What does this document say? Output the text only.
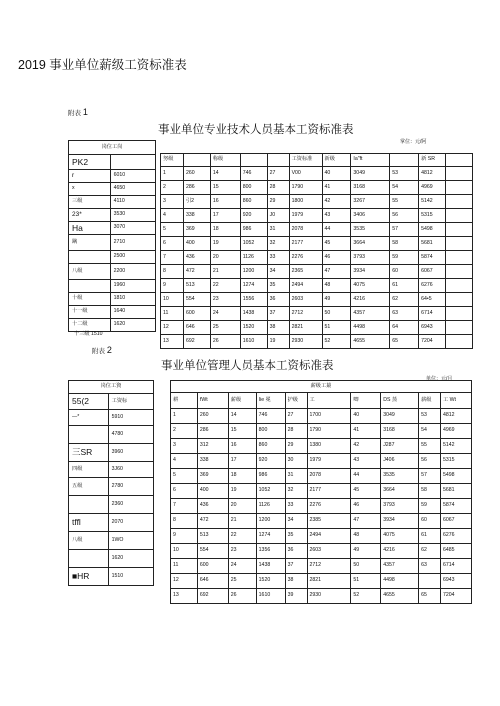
2019 事业单位薪级工资标准表
附表 1
事业单位专业技术人员基本工资标准表
掌位：元/阿
岗位工岗	
PK2	
r	6010
x	4650
三级	4110
23*	3530
Ha	3070
蹒	2710
	2500
八级	2200
	1960
十级	1810
十一级	1640
十二级	1620
十三级 1510
努级		称级			工资标准	新级	Ia"ft		新 SR	
1	260	14	746	27	V00	40	3049	53	4812	
2	286	15	800	28	1790	41	3168	54	4969	
3	引2	16	860	29	1800	42	3267	55	5142	
4	338	17	920	J0	1979	43	3406	56	5315	
5	369	18	986	31	2078	44	3535	57	5498	
6	400	19	1052	32	2177	45	3664	58	5681	
7	436	20	1126	33	2276	46	3793	59	5874	
8	472	21	1200	34	2365	47	3934	60	6067	
9	513	22	1274	35	2494	48	4075	61	6276	
10	554	23	1556	36	2603	49	4216	62	64•5	
11	600	24	1438	37	2712	50	4357	63	6714	
12	646	25	1520	38	2821	51	4498	64	6943	
13	692	26	1610	19	2930	52	4655	65	7204	
附表 2
事业单位管理人员基本工资标准表
单位：元/月
岗位工資	
55(2	工资标
—*	5910
	4780
三SR	3960
四级	3J60
五级	2780
	2360
tffl	2070
八级	1WO
	1620
■HR	1510
薪级工蕞									
耕	fWt	薪级	Iie 冕	护级	工	唧	DS 蒸	薪级	工 Wt
1	260	14	746	27	1700	40	3049	53	4812
2	286	15	800	28	1790	41	3168	54	4969
3	312	16	860	29	1380	42	J287	55	5142
4	338	17	920	30	1979	43	J406	56	5315
5	369	18	986	31	2078	44	3535	57	5498
6	400	19	1052	32	2177	45	3664	58	5681
7	436	20	1126	33	2276	46	3793	59	5874
8	472	21	1200	34	2385	47	3934	60	6067
9	513	22	1274	35	2494	48	4075	61	6276
10	554	23	1356	36	2603	49	4216	62	6485
11	600	24	1438	37	2712	50	4357	63	6714
12	646	25	1520	38	2821	51	4498		6943
13	692	26	1610	39	2930	52	4655	65	7204
